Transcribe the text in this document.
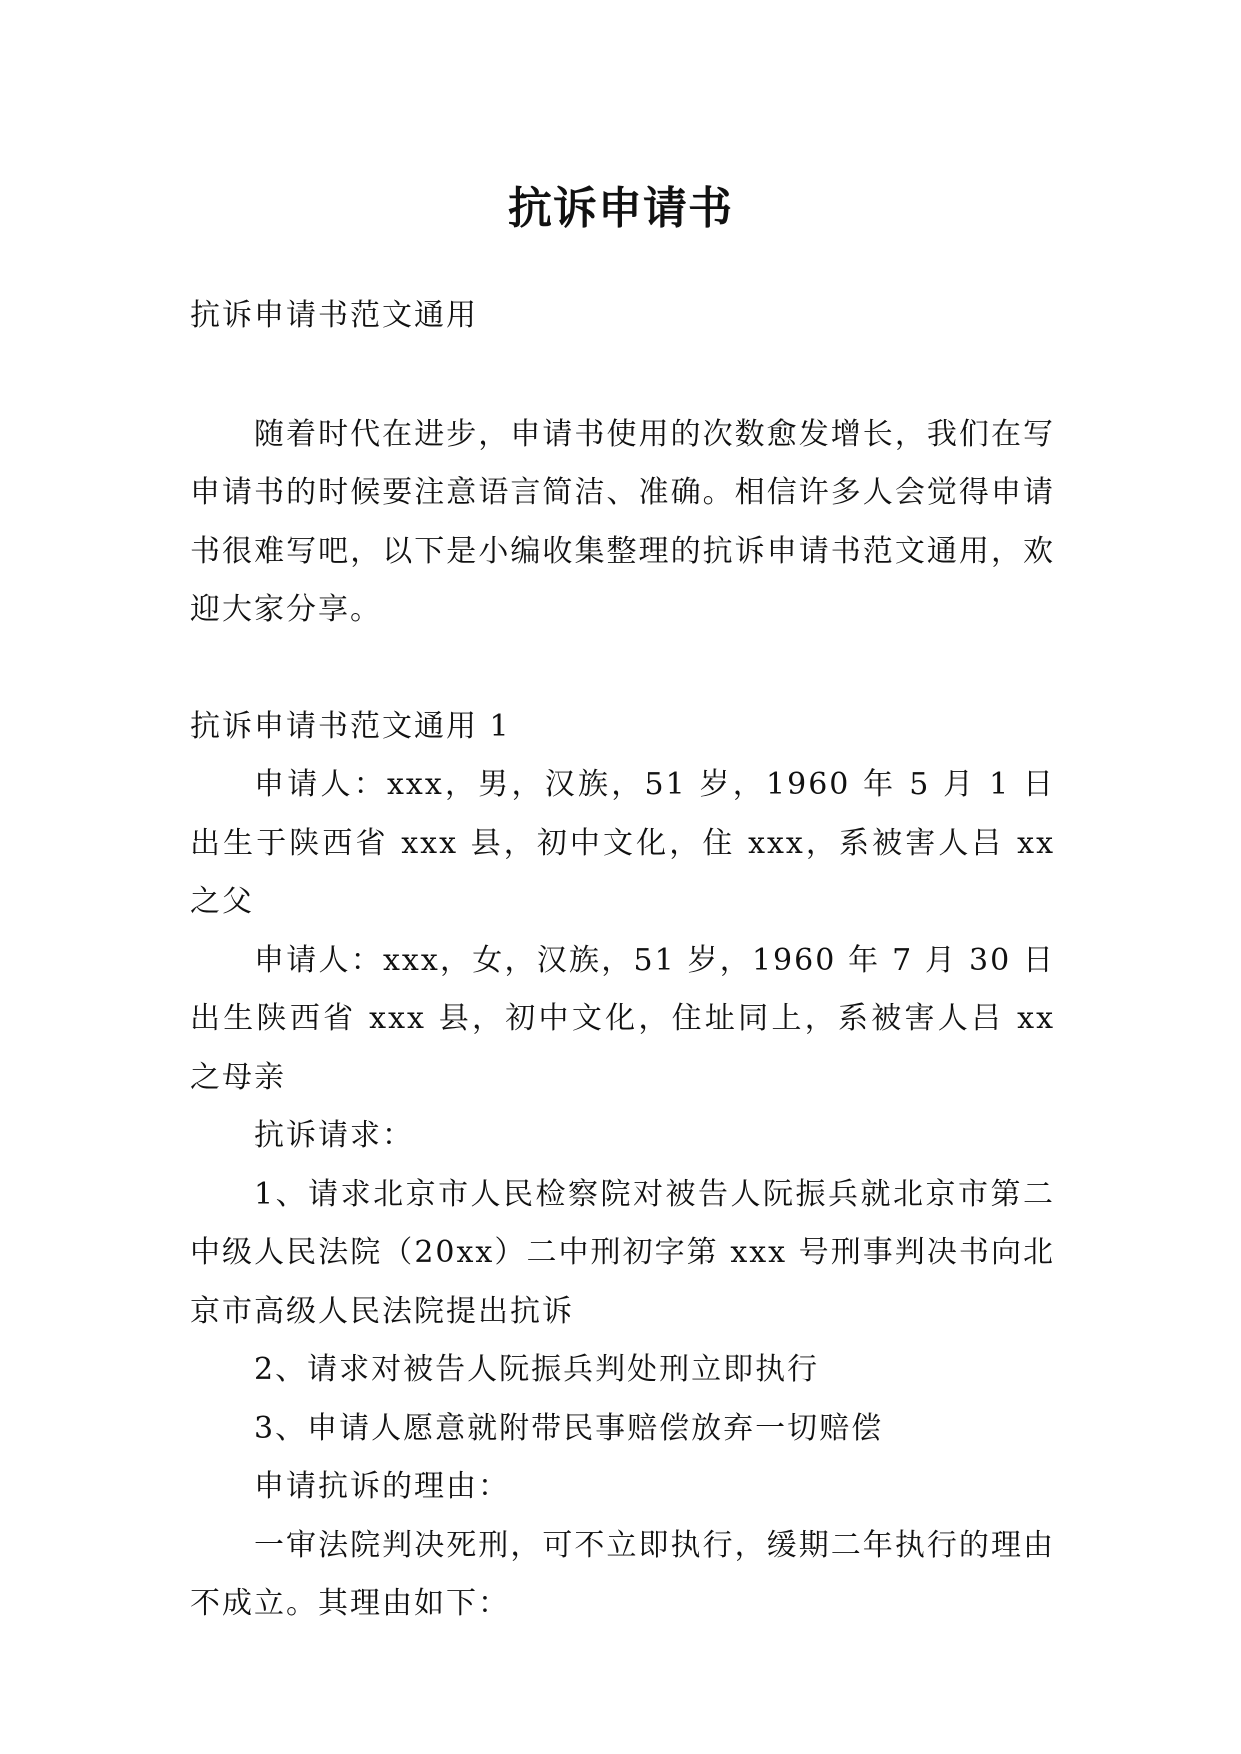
抗诉申请书

抗诉申请书范文通用

随着时代在进步，申请书使用的次数愈发增长，我们在写申请书的时候要注意语言简洁、准确。相信许多人会觉得申请书很难写吧，以下是小编收集整理的抗诉申请书范文通用，欢迎大家分享。

抗诉申请书范文通用 1

申请人：xxx，男，汉族，51 岁，1960 年 5 月 1 日出生于陕西省 xxx 县，初中文化，住 xxx，系被害人吕 xx 之父

申请人：xxx，女，汉族，51 岁，1960 年 7 月 30 日出生陕西省 xxx 县，初中文化，住址同上，系被害人吕 xx 之母亲

抗诉请求：

1、请求北京市人民检察院对被告人阮振兵就北京市第二中级人民法院（20xx）二中刑初字第 xxx 号刑事判决书向北京市高级人民法院提出抗诉

2、请求对被告人阮振兵判处刑立即执行

3、申请人愿意就附带民事赔偿放弃一切赔偿

申请抗诉的理由：

一审法院判决死刑，可不立即执行，缓期二年执行的理由不成立。其理由如下：
